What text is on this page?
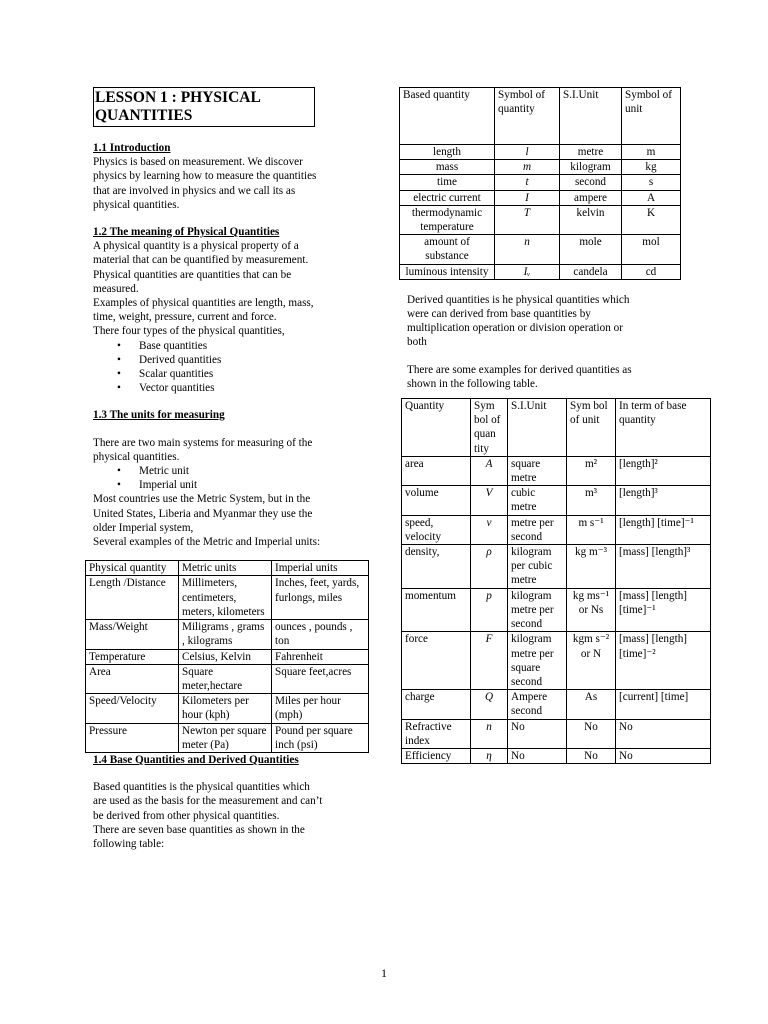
LESSON 1 : PHYSICAL
QUANTITIES

1.1 Introduction

Physics is based on measurement. We discover

physics by learning how to measure the quantities

that are involved in physics and we call its as

physical quantities.

1.2 The meaning of Physical Quantities

A physical quantity is a physical property of a

material that can be quantified by measurement.

Physical quantities are quantities that can be

measured.

Examples of physical quantities are length, mass,

time, weight, pressure, current and force.

There four types of the physical quantities,

• Base quantities
• Derived quantities
• Scalar quantities
• Vector quantities

1.3 The units for measuring

There are two main systems for measuring of the

physical quantities.

• Metric unit
• Imperial unit

Most countries use the Metric System, but in the

United States, Liberia and Myanmar they use the

older Imperial system,

Several examples of the Metric and Imperial units:

Physical quantity	Metric units	Imperial units
Length /Distance	Millimeters, centimeters, meters, kilometers	Inches, feet, yards, furlongs, miles
Mass/Weight	Miligrams , grams , kilograms	ounces , pounds , ton
Temperature	Celsius, Kelvin	Fahrenheit
Area	Square meter,hectare	Square feet,acres
Speed/Velocity	Kilometers per hour (kph)	Miles per hour (mph)
Pressure	Newton per square meter (Pa)	Pound per square inch (psi)

1.4 Base Quantities and Derived Quantities

Based quantities is the physical quantities which

are used as the basis for the measurement and can’t

be derived from other physical quantities.

There are seven base quantities as shown in the

following table:

Based quantity	Symbol of quantity	S.I.Unit	Symbol of unit
length	l	metre	m
mass	m	kilogram	kg
time	t	second	s
electric current	I	ampere	A
thermodynamic temperature	T	kelvin	K
amount of substance	n	mole	mol
luminous intensity	Iᵥ	candela	cd

Derived quantities is he physical quantities which

were can derived from base quantities by

multiplication operation or division operation or

both

There are some examples for derived quantities as

shown in the following table.

Quantity	Sym bol of quan tity	S.I.Unit	Sym bol of unit	In term of base quantity
area	A	square metre	m²	[length]²
volume	V	cubic metre	m³	[length]³
speed, velocity	v	metre per second	m s⁻¹	[length] [time]⁻¹
density,	ρ	kilogram per cubic metre	kg m⁻³	[mass] [length]³
momentum	p	kilogram metre per second	kg ms⁻¹ or Ns	[mass] [length] [time]⁻¹
force	F	kilogram metre per square second	kgm s⁻² or N	[mass] [length] [time]⁻²
charge	Q	Ampere second	As	[current] [time]
Refractive index	n	No	No	No
Efficiency	η	No	No	No
1
